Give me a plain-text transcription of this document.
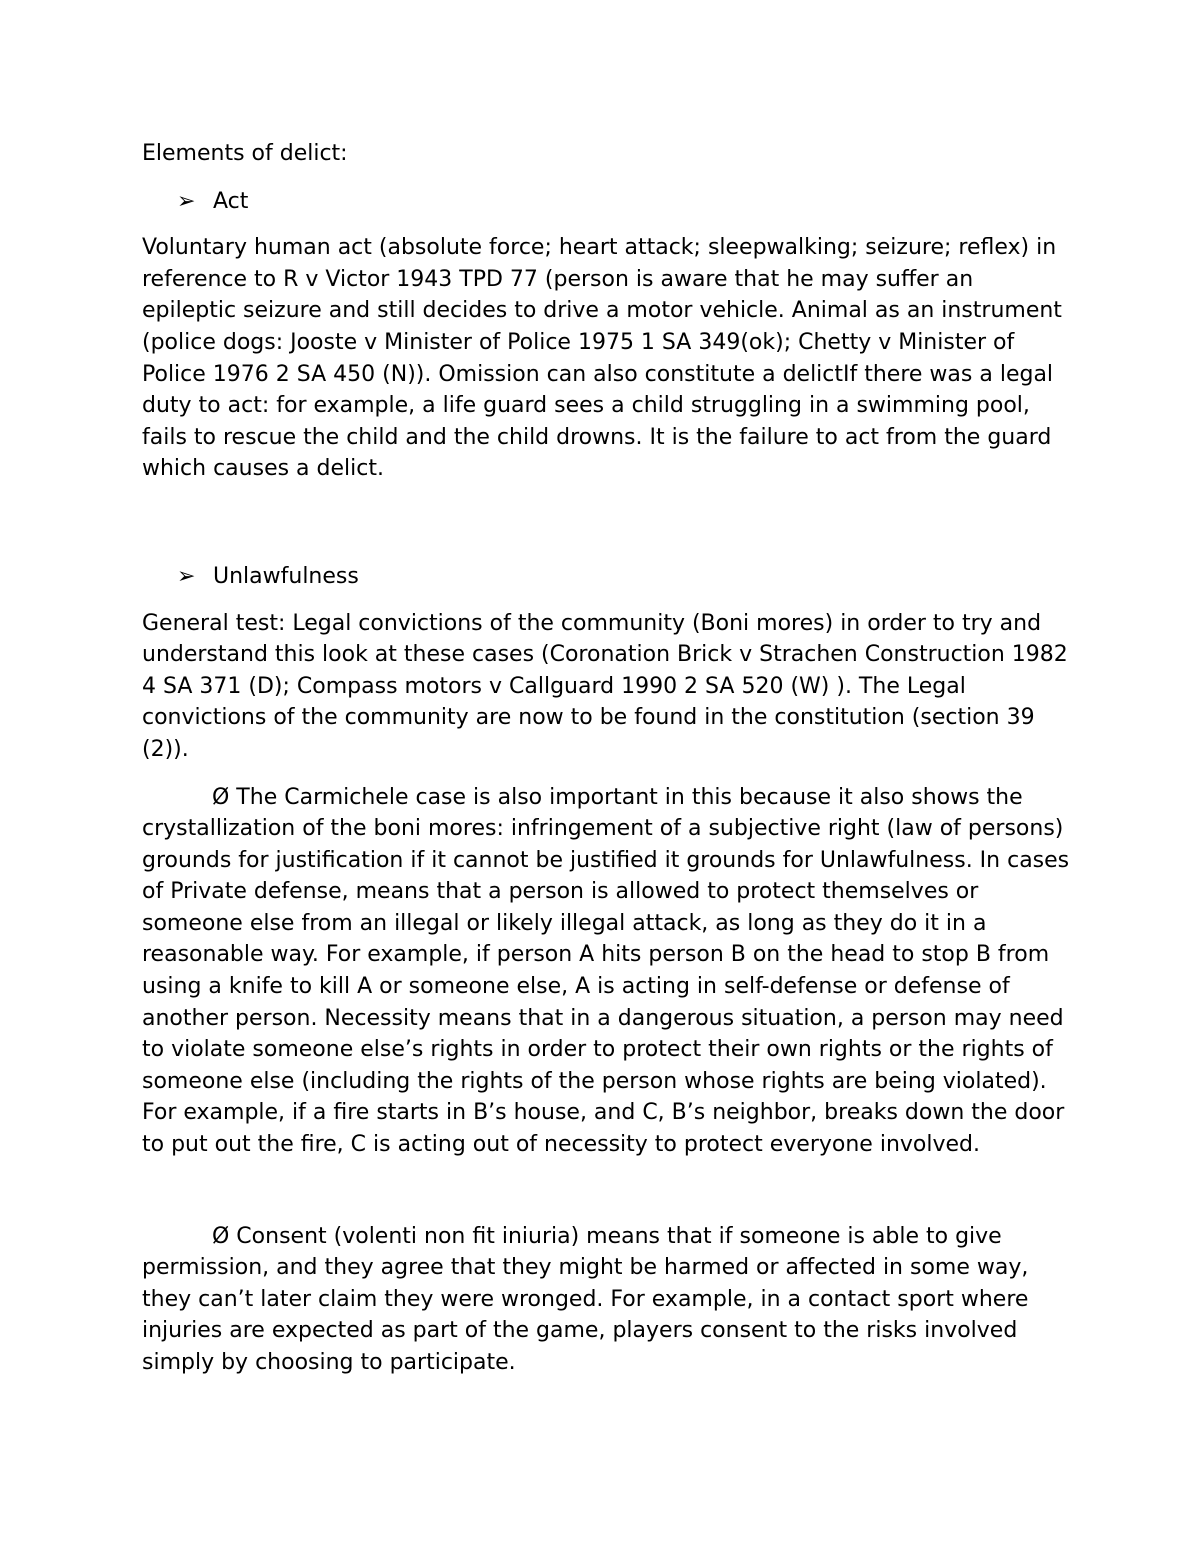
Elements of delict:

➢ Act

Voluntary human act (absolute force; heart attack; sleepwalking; seizure; reflex) in reference to R v Victor 1943 TPD 77 (person is aware that he may suffer an epileptic seizure and still decides to drive a motor vehicle. Animal as an instrument (police dogs: Jooste v Minister of Police 1975 1 SA 349(ok); Chetty v Minister of Police 1976 2 SA 450 (N)). Omission can also constitute a delictIf there was a legal duty to act: for example, a life guard sees a child struggling in a swimming pool, fails to rescue the child and the child drowns. It is the failure to act from the guard which causes a delict.

➢ Unlawfulness

General test: Legal convictions of the community (Boni mores) in order to try and understand this look at these cases (Coronation Brick v Strachen Construction 1982 4 SA 371 (D); Compass motors v Callguard 1990 2 SA 520 (W) ). The Legal convictions of the community are now to be found in the constitution (section 39 (2)).

Ø The Carmichele case is also important in this because it also shows the crystallization of the boni mores: infringement of a subjective right (law of persons) grounds for justification if it cannot be justified it grounds for Unlawfulness. In cases of Private defense, means that a person is allowed to protect themselves or someone else from an illegal or likely illegal attack, as long as they do it in a reasonable way. For example, if person A hits person B on the head to stop B from using a knife to kill A or someone else, A is acting in self-defense or defense of another person. Necessity means that in a dangerous situation, a person may need to violate someone else’s rights in order to protect their own rights or the rights of someone else (including the rights of the person whose rights are being violated). For example, if a fire starts in B’s house, and C, B’s neighbor, breaks down the door to put out the fire, C is acting out of necessity to protect everyone involved.

Ø Consent (volenti non fit iniuria) means that if someone is able to give permission, and they agree that they might be harmed or affected in some way, they can’t later claim they were wronged. For example, in a contact sport where injuries are expected as part of the game, players consent to the risks involved simply by choosing to participate.
